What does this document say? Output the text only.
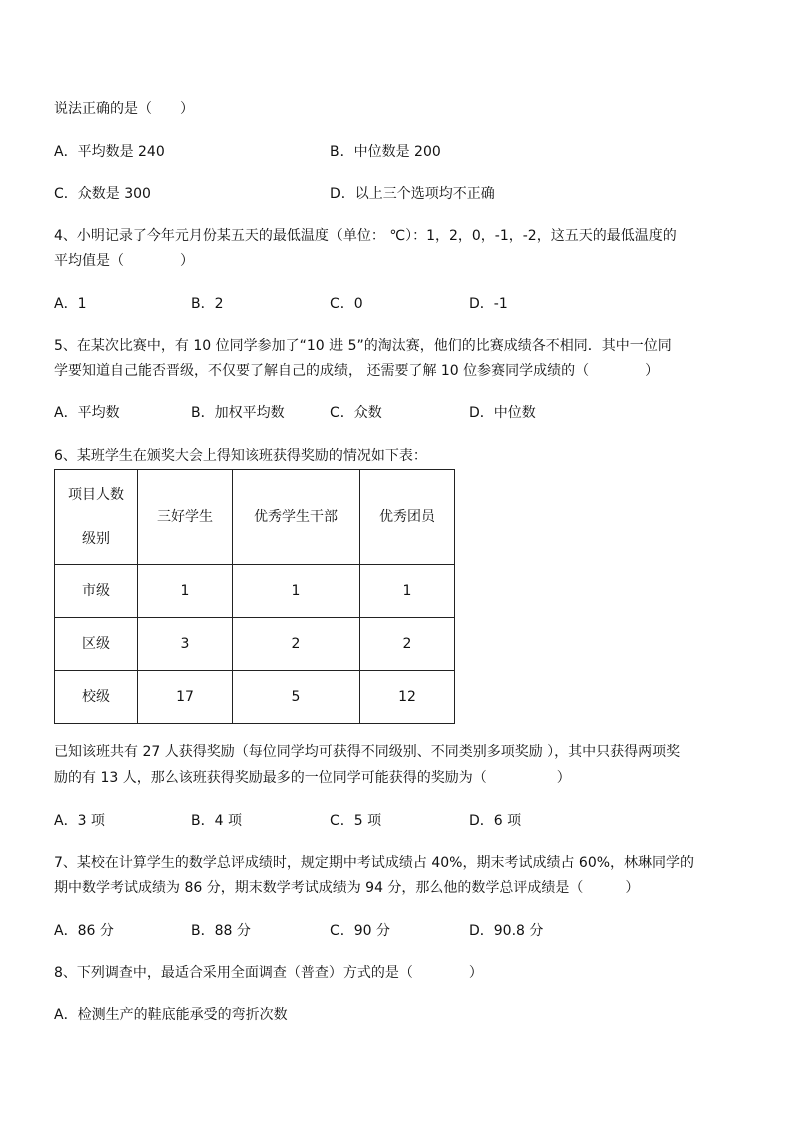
说法正确的是（　　）
A．平均数是 240	B．中位数是 200
C．众数是 300	D．以上三个选项均不正确
4、小明记录了今年元月份某五天的最低温度（单位： ℃）：1，2，0，-1，-2，这五天的最低温度的
平均值是（　　　　）
A．1	B．2	C．0	D．-1
5、在某次比赛中，有 10 位同学参加了“10 进 5”的淘汰赛，他们的比赛成绩各不相同．其中一位同
学要知道自己能否晋级，不仅要了解自己的成绩， 还需要了解 10 位参赛同学成绩的（　　　　）
A．平均数	B．加权平均数	C．众数	D．中位数
6、某班学生在颁奖大会上得知该班获得奖励的情况如下表：
项目人数
级别	三好学生	优秀学生干部	优秀团员
市级	1	1	1
区级	3	2	2
校级	17	5	12
已知该班共有 27 人获得奖励（每位同学均可获得不同级别、不同类别多项奖励 ），其中只获得两项奖
励的有 13 人，那么该班获得奖励最多的一位同学可能获得的奖励为（　　　　　）
A．3 项	B．4 项	C．5 项	D．6 项
7、某校在计算学生的数学总评成绩时，规定期中考试成绩占 40%，期末考试成绩占 60%，林琳同学的
期中数学考试成绩为 86 分，期末数学考试成绩为 94 分，那么他的数学总评成绩是（　　　）
A．86 分	B．88 分	C．90 分	D．90.8 分
8、下列调查中，最适合采用全面调查（普查）方式的是（　　　　）
A．检测生产的鞋底能承受的弯折次数
